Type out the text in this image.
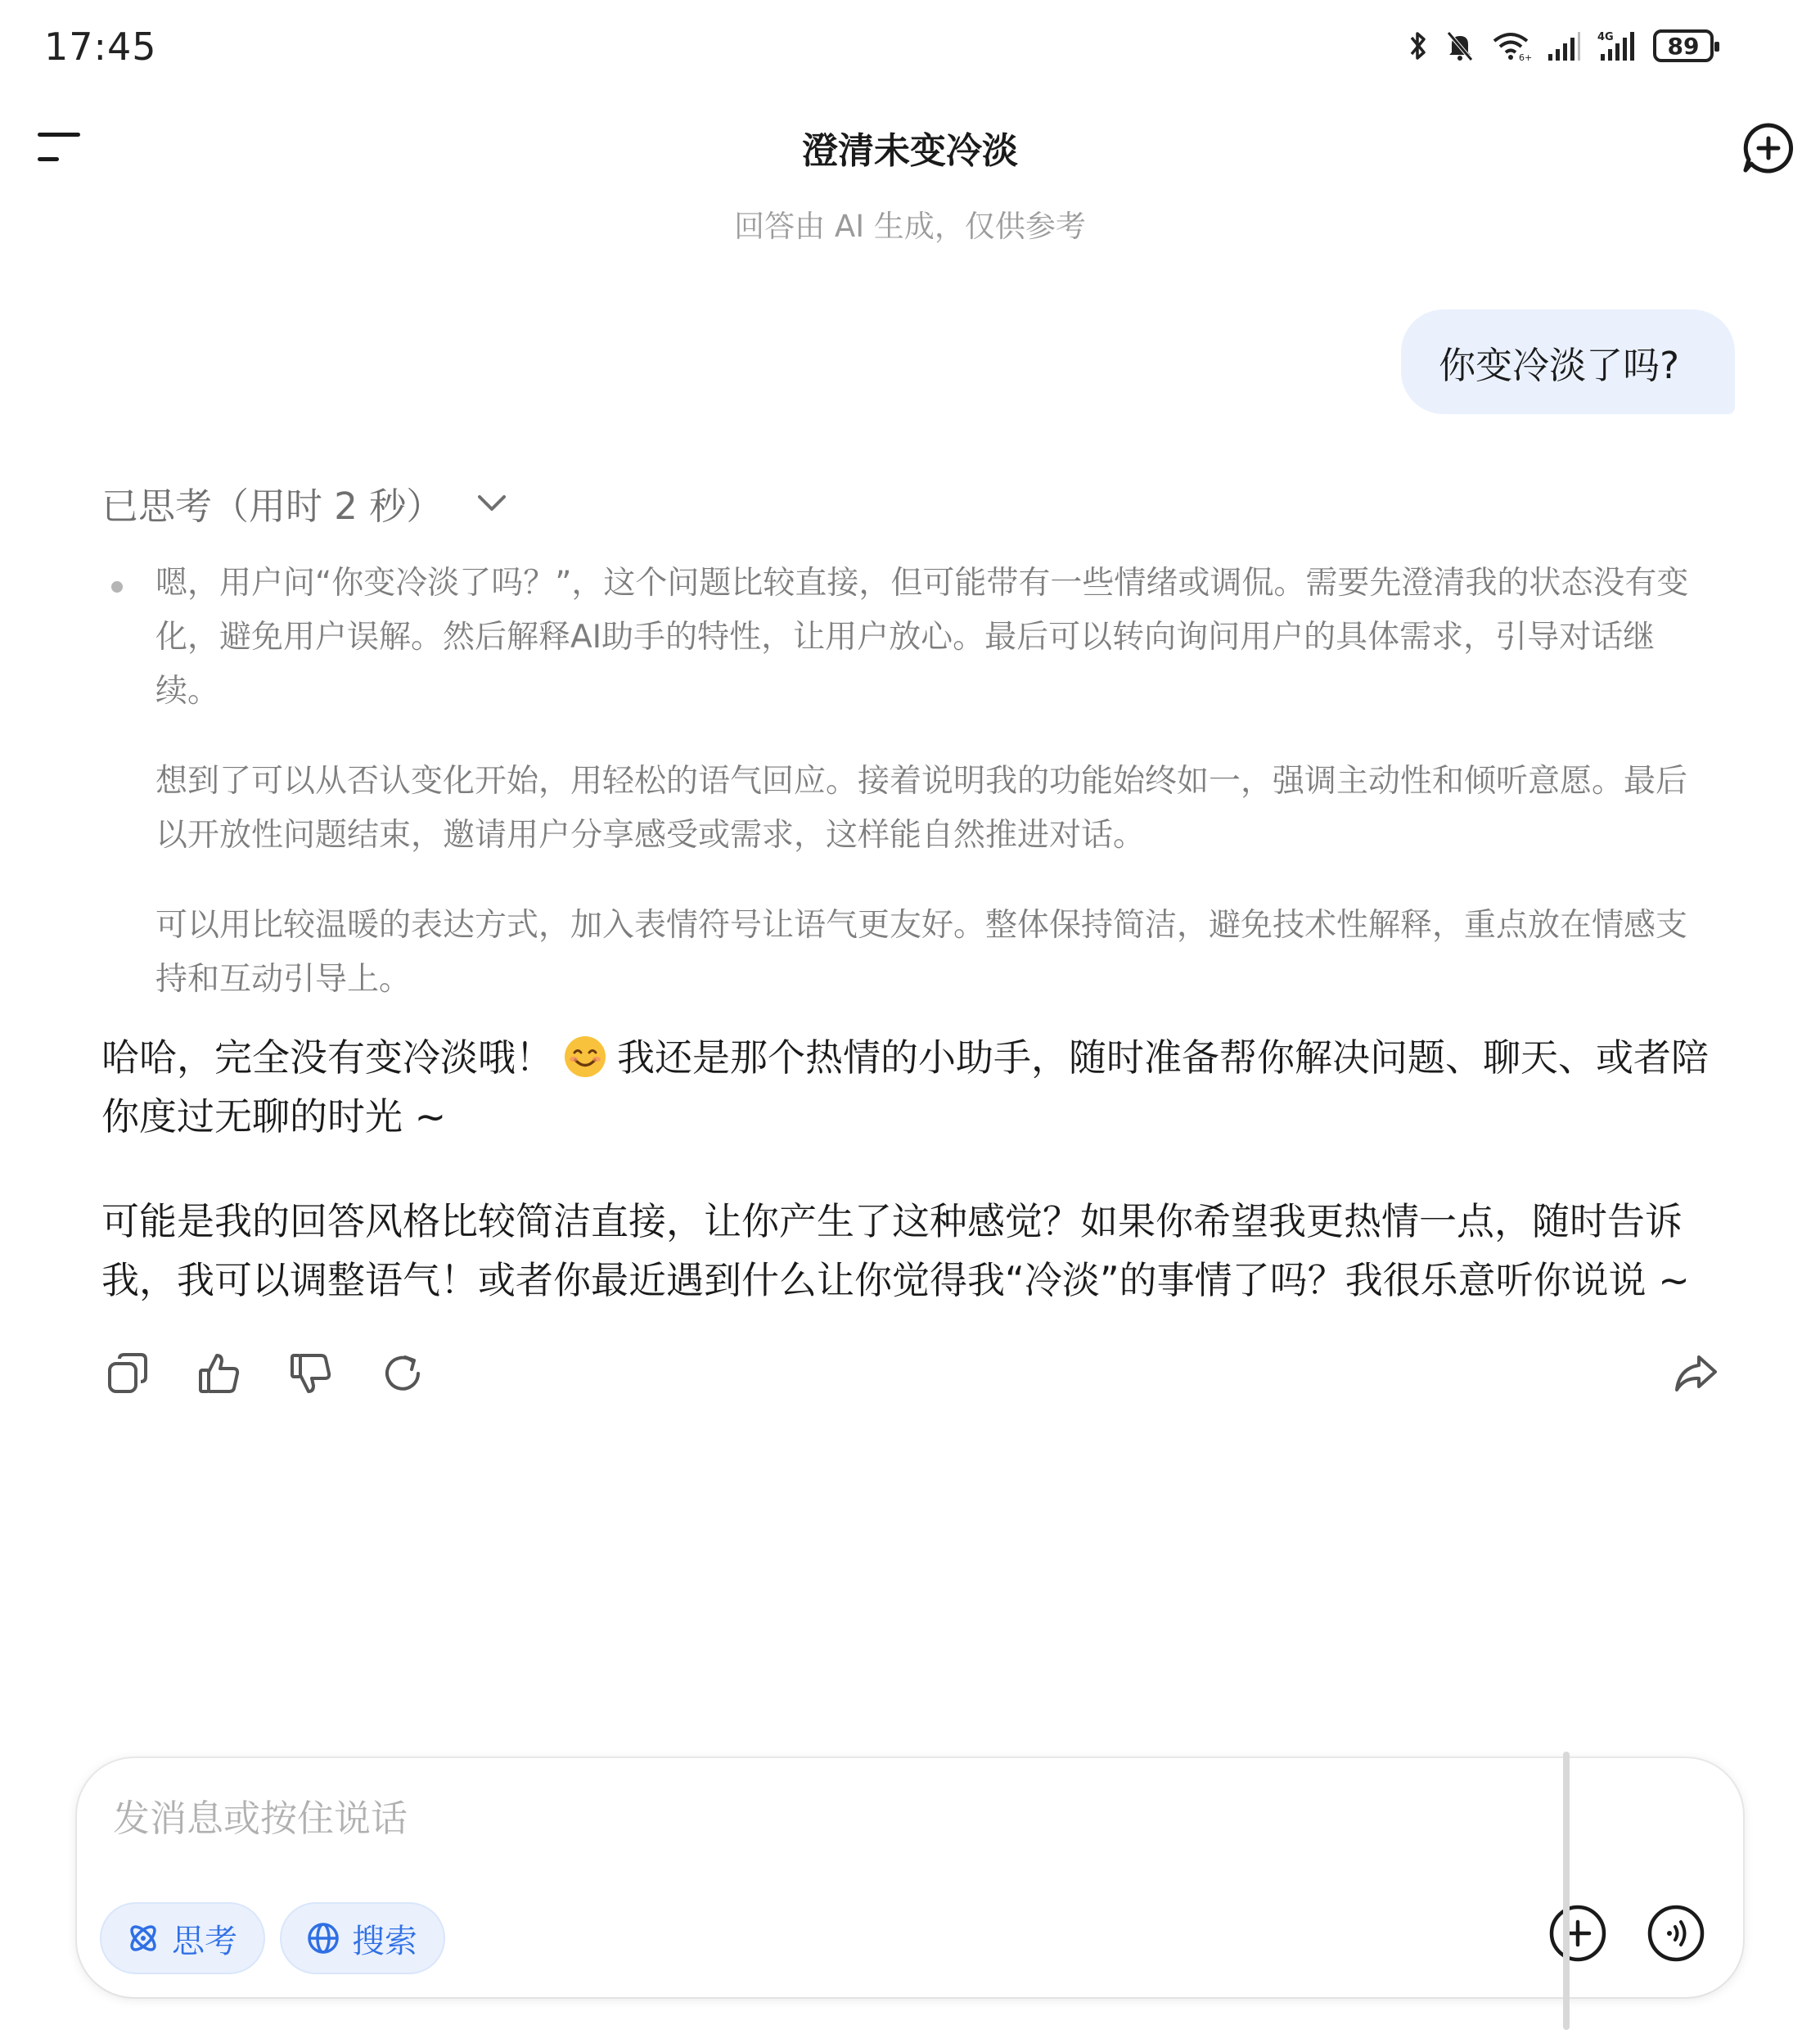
17:45	6+
4G 89
澄清未变冷淡
回答由 AI 生成，仅供参考
你变冷淡了吗?
已思考（用时 2 秒）

嗯，用户问“你变冷淡了吗？”，这个问题比较直接，但可能带有一些情绪或调侃。需要先澄清我的状态没有变化，避免用户误解。然后解释AI助手的特性，让用户放心。最后可以转向询问用户的具体需求，引导对话继续。

想到了可以从否认变化开始，用轻松的语气回应。接着说明我的功能始终如一，强调主动性和倾听意愿。最后以开放性问题结束，邀请用户分享感受或需求，这样能自然推进对话。

可以用比较温暖的表达方式，加入表情符号让语气更友好。整体保持简洁，避免技术性解释，重点放在情感支持和互动引导上。

哈哈，完全没有变冷淡哦！ 我还是那个热情的小助手，随时准备帮你解决问题、聊天、或者陪你度过无聊的时光 ~

可能是我的回答风格比较简洁直接，让你产生了这种感觉？如果你希望我更热情一点，随时告诉我，我可以调整语气！或者你最近遇到什么让你觉得我“冷淡”的事情了吗？我很乐意听你说说 ~

发消息或按住说话
思考	搜索
